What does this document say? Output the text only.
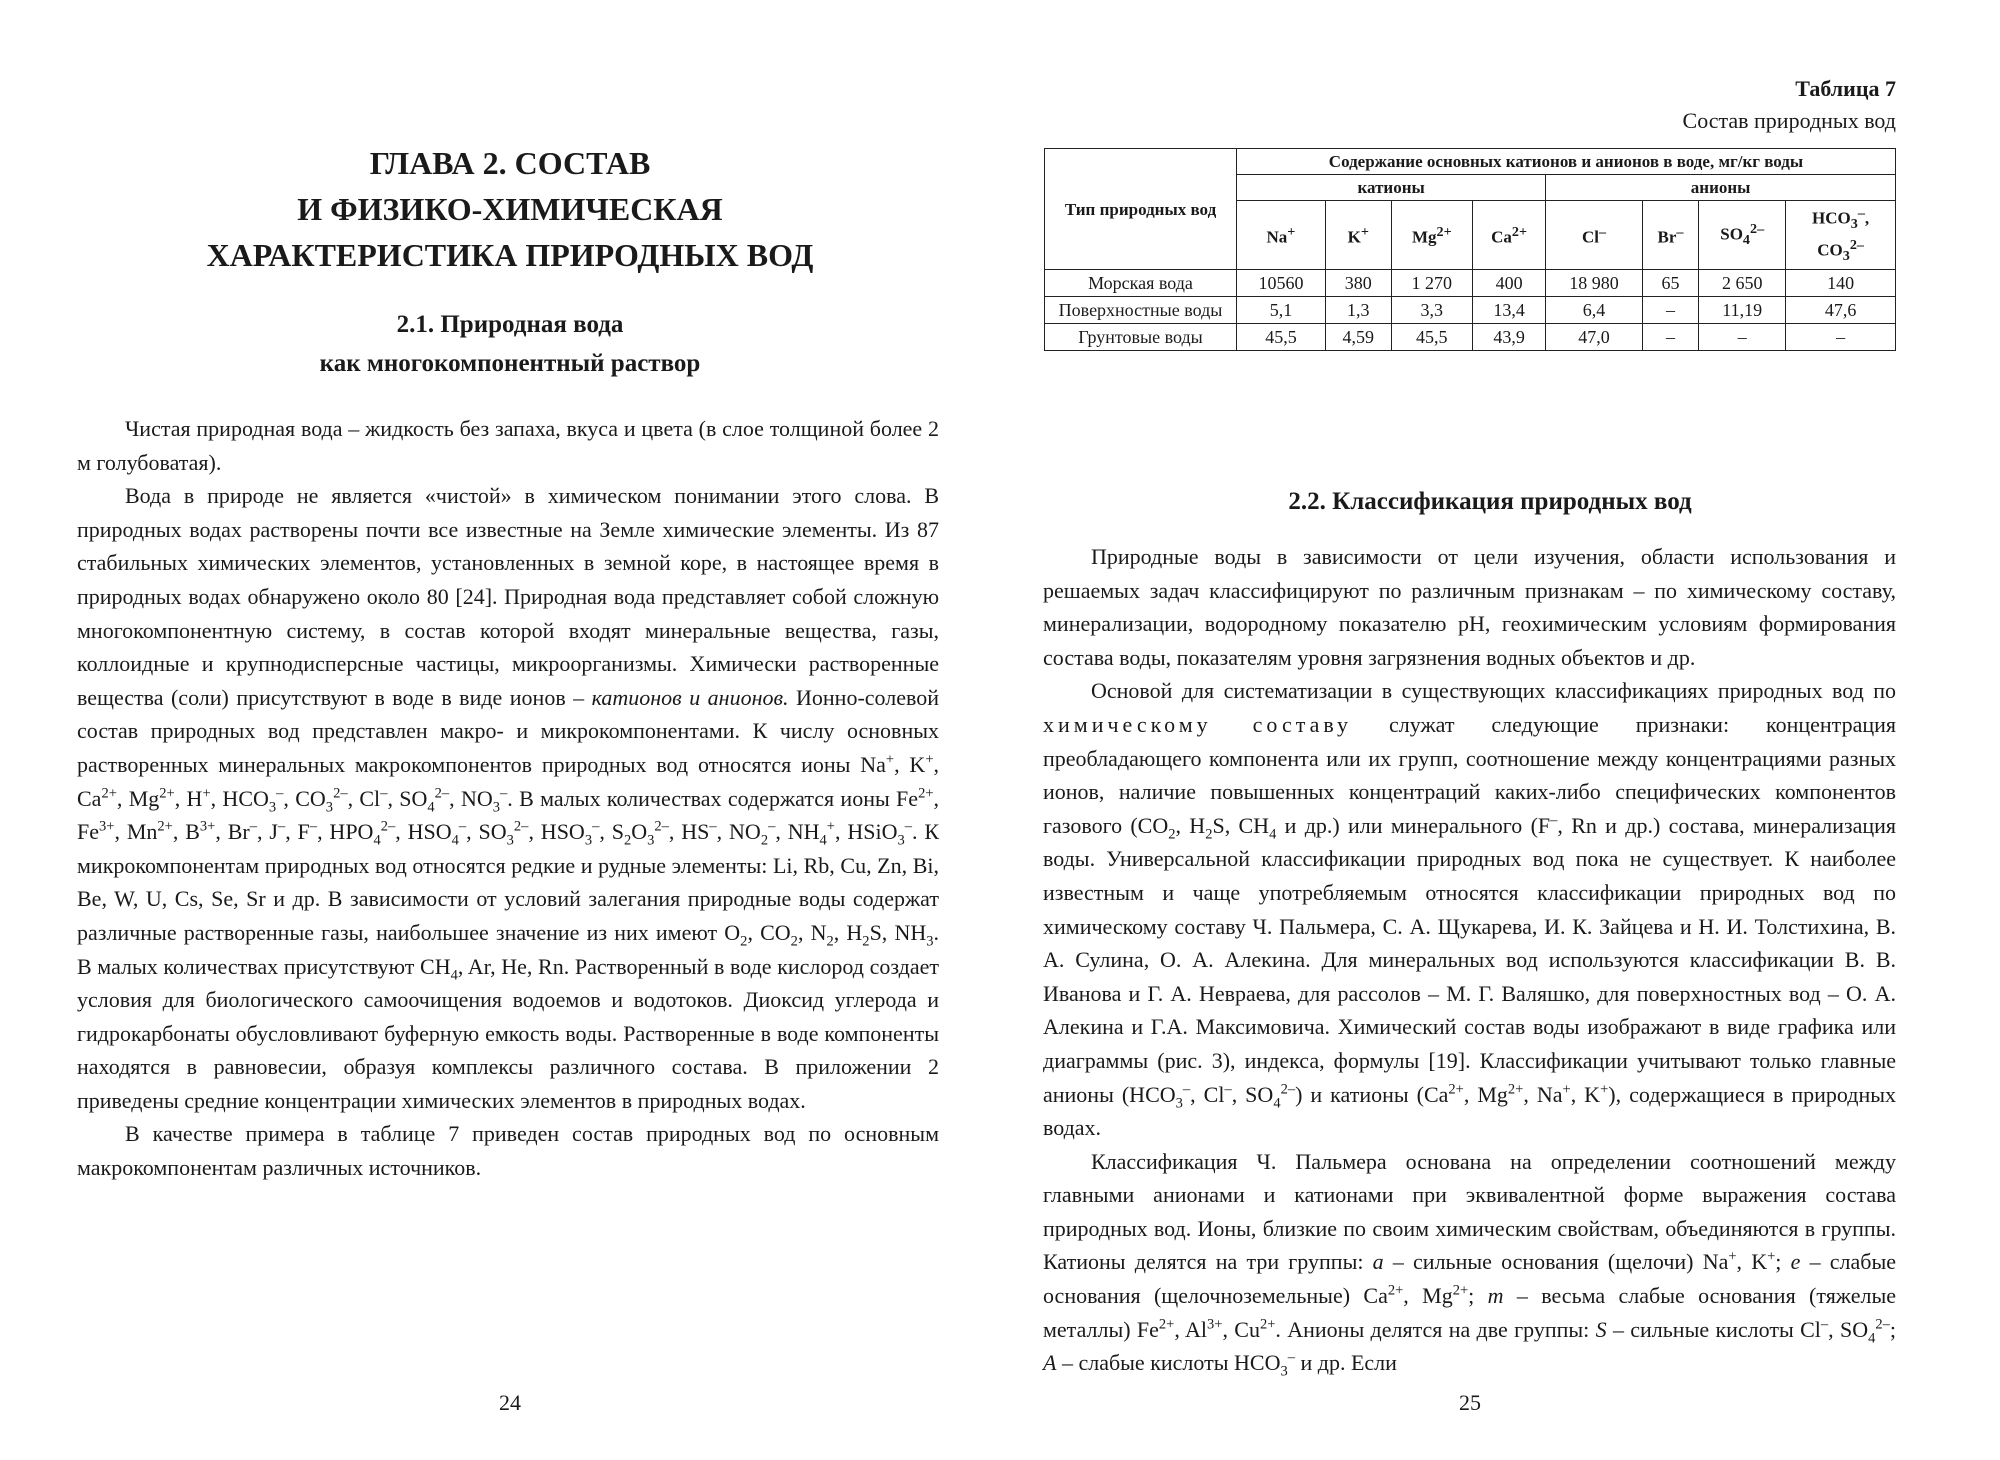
ГЛАВА 2. СОСТАВ
И ФИЗИКО-ХИМИЧЕСКАЯ
ХАРАКТЕРИСТИКА ПРИРОДНЫХ ВОД
2.1. Природная вода
как многокомпонентный раствор

Чистая природная вода – жидкость без запаха, вкуса и цвета (в слое толщиной более 2 м голубоватая).

Вода в природе не является «чистой» в химическом понимании этого слова. В природных водах растворены почти все известные на Земле химические элементы. Из 87 стабильных химических элементов, установленных в земной коре, в настоящее время в природных водах обнаружено около 80 [24]. Природная вода представляет собой сложную многокомпонентную систему, в состав которой входят минеральные вещества, газы, коллоидные и крупнодисперсные частицы, микроорганизмы. Химически растворенные вещества (соли) присутствуют в воде в виде ионов – катионов и анионов. Ионно-солевой состав природных вод представлен макро- и микрокомпонентами. К числу основных растворенных минеральных макрокомпонентов природных вод относятся ионы Na+, K+, $Ca^{2+}$, $Mg^{2+}$, H+, $HCO_3^-$, $CO_3^{2-}$, Cl–, $SO_4^{2-}$, $NO_3^-$. В малых количествах содержатся ионы $Fe^{2+}$, $Fe^{3+}$, $Mn^{2+}$, $B^{3+}$, Br–, J–, F–, $HPO_4^{2-}$, $HSO_4^-$, $SO_3^{2-}$, $HSO_3^-$, $S_2O_3^{2-}$, HS–, $NO_2^-$, $NH_4^+$, HSiO$_3$–. К микрокомпонентам природных вод относятся редкие и рудные элементы: Li, Rb, Cu, Zn, Bi, Be, W, U, Cs, Se, Sr и др. В зависимости от условий залегания природные воды содержат различные растворенные газы, наибольшее значение из них имеют $O_2$, $CO_2$, $N_2$, $H_2S$, $NH_3$. В малых количествах присутствуют $CH_4$, Ar, He, Rn. Растворенный в воде кислород создает условия для биологического самоочищения водоемов и водотоков. Диоксид углерода и гидрокарбонаты обусловливают буферную емкость воды. Растворенные в воде компоненты находятся в равновесии, образуя комплексы различного состава. В приложении 2 приведены средние концентрации химических элементов в природных водах.

В качестве примера в таблице 7 приведен состав природных вод по основным макрокомпонентам различных источников.

24
Таблица 7
Состав природных вод
Тип природных вод	Содержание основных катионов и анионов в воде, мг/кг воды							
	катионы				анионы			
	Na+	K+	$Mg^{2+}$	$Ca^{2+}$	Cl–	Br–	$SO_4^{2-}$	$HCO_3^-$,
$CO_3^{2-}$
Морская вода	10560	380	1 270	400	18 980	65	2 650	140
Поверхностные воды	5,1	1,3	3,3	13,4	6,4	–	11,19	47,6
Грунтовые воды	45,5	4,59	45,5	43,9	47,0	–	–	–
2.2. Классификация природных вод

Природные воды в зависимости от цели изучения, области использования и решаемых задач классифицируют по различным признакам – по химическому составу, минерализации, водородному показателю pH, геохимическим условиям формирования состава воды, показателям уровня загрязнения водных объектов и др.

Основой для систематизации в существующих классификациях природных вод по химическому составу служат следующие признаки: концентрация преобладающего компонента или их групп, соотношение между концентрациями разных ионов, наличие повышенных концентраций каких-либо специфических компонентов газового ($CO_2$, $H_2S$, $CH_4$ и др.) или минерального (F–, Rn и др.) состава, минерализация воды. Универсальной классификации природных вод пока не существует. К наиболее известным и чаще употребляемым относятся классификации природных вод по химическому составу Ч. Пальмера, С. А. Щукарева, И. К. Зайцева и Н. И. Толстихина, В. А. Сулина, О. А. Алекина. Для минеральных вод используются классификации В. В. Иванова и Г. А. Невраева, для рассолов – М. Г. Валяшко, для поверхностных вод – О. А. Алекина и Г.А. Максимовича. Химический состав воды изображают в виде графика или диаграммы (рис. 3), индекса, формулы [19]. Классификации учитывают только главные анионы ($HCO_3^-$, Cl–, $SO_4^{2-}$) и катионы ($Ca^{2+}$, $Mg^{2+}$, Na+, K+), содержащиеся в природных водах.

Классификация Ч. Пальмера основана на определении соотношений между главными анионами и катионами при эквивалентной форме выражения состава природных вод. Ионы, близкие по своим химическим свойствам, объединяются в группы. Катионы делятся на три группы: a – сильные основания (щелочи) Na+, K+; e – слабые основания (щелочноземельные) $Ca^{2+}$, $Mg^{2+}$; m – весьма слабые основания (тяжелые металлы) $Fe^{2+}$, $Al^{3+}$, $Cu^{2+}$. Анионы делятся на две группы: S – сильные кислоты Cl–, $SO_4^{2-}$; A – слабые кислоты $HCO_3^-$ и др. Если

25
